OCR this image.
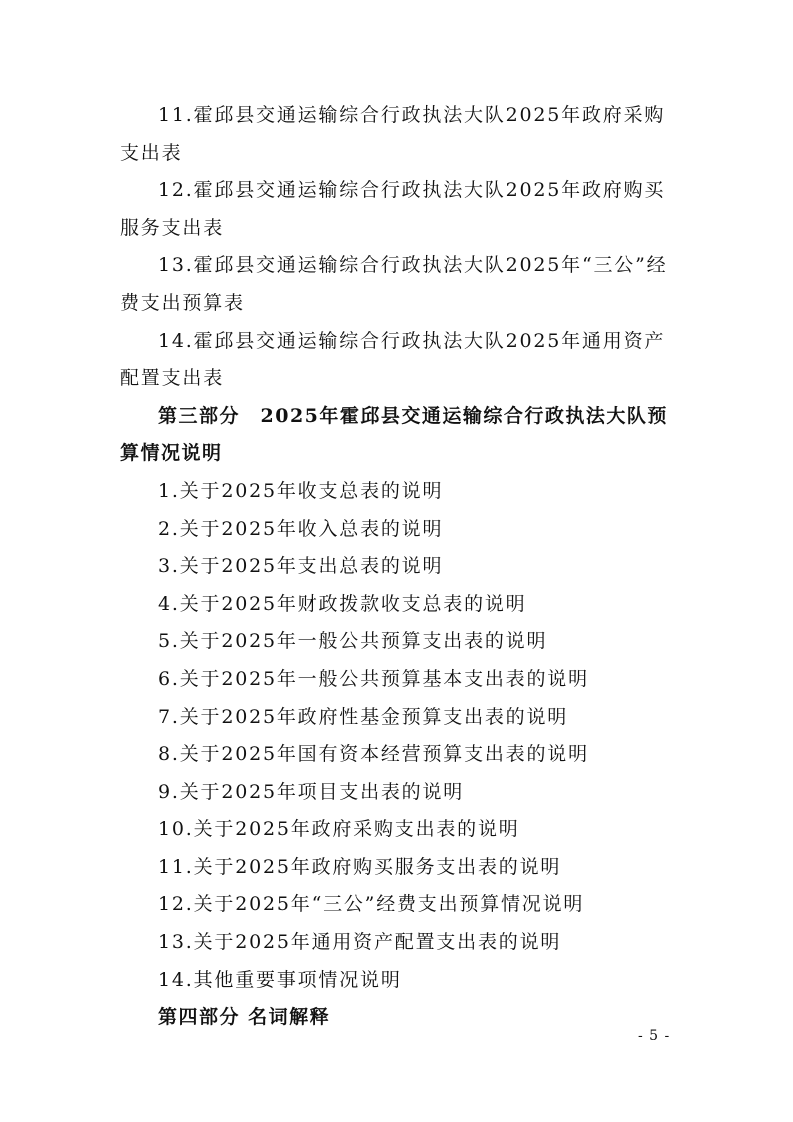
11.霍邱县交通运输综合行政执法大队2025年政府采购
支出表
12.霍邱县交通运输综合行政执法大队2025年政府购买
服务支出表
13.霍邱县交通运输综合行政执法大队2025年“三公”经
费支出预算表
14.霍邱县交通运输综合行政执法大队2025年通用资产
配置支出表
第三部分　2025年霍邱县交通运输综合行政执法大队预
算情况说明
1.关于2025年收支总表的说明
2.关于2025年收入总表的说明
3.关于2025年支出总表的说明
4.关于2025年财政拨款收支总表的说明
5.关于2025年一般公共预算支出表的说明
6.关于2025年一般公共预算基本支出表的说明
7.关于2025年政府性基金预算支出表的说明
8.关于2025年国有资本经营预算支出表的说明
9.关于2025年项目支出表的说明
10.关于2025年政府采购支出表的说明
11.关于2025年政府购买服务支出表的说明
12.关于2025年“三公”经费支出预算情况说明
13.关于2025年通用资产配置支出表的说明
14.其他重要事项情况说明
第四部分 名词解释
- 5 -
